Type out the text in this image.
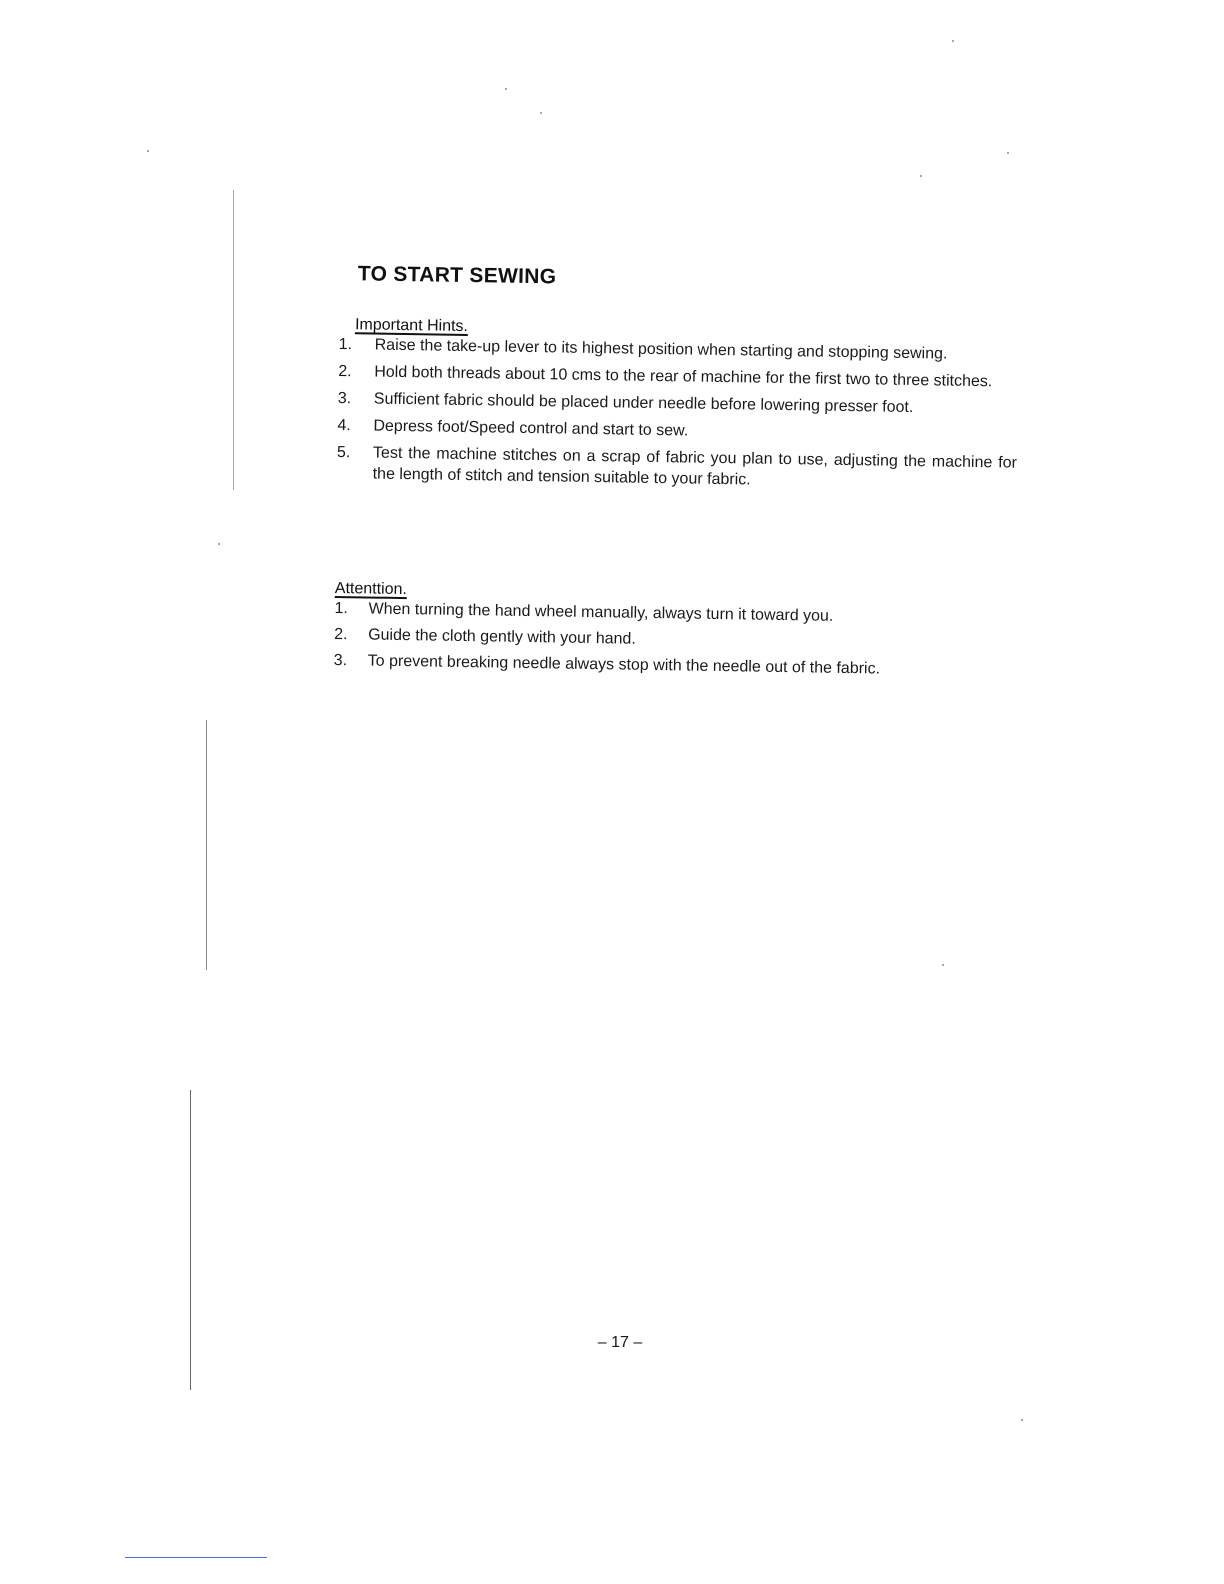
TO START SEWING
Important Hints.
1. Raise the take-up lever to its highest position when starting and stopping sewing.
2. Hold both threads about 10 cms to the rear of machine for the first two to three stitches.
3. Sufficient fabric should be placed under needle before lowering presser foot.
4. Depress foot/Speed control and start to sew.
5. Test the machine stitches on a scrap of fabric you plan to use, adjusting the machine for the length of stitch and tension suitable to your fabric.
Attenttion.
1. When turning the hand wheel manually, always turn it toward you.
2. Guide the cloth gently with your hand.
3. To prevent breaking needle always stop with the needle out of the fabric.
– 17 –
